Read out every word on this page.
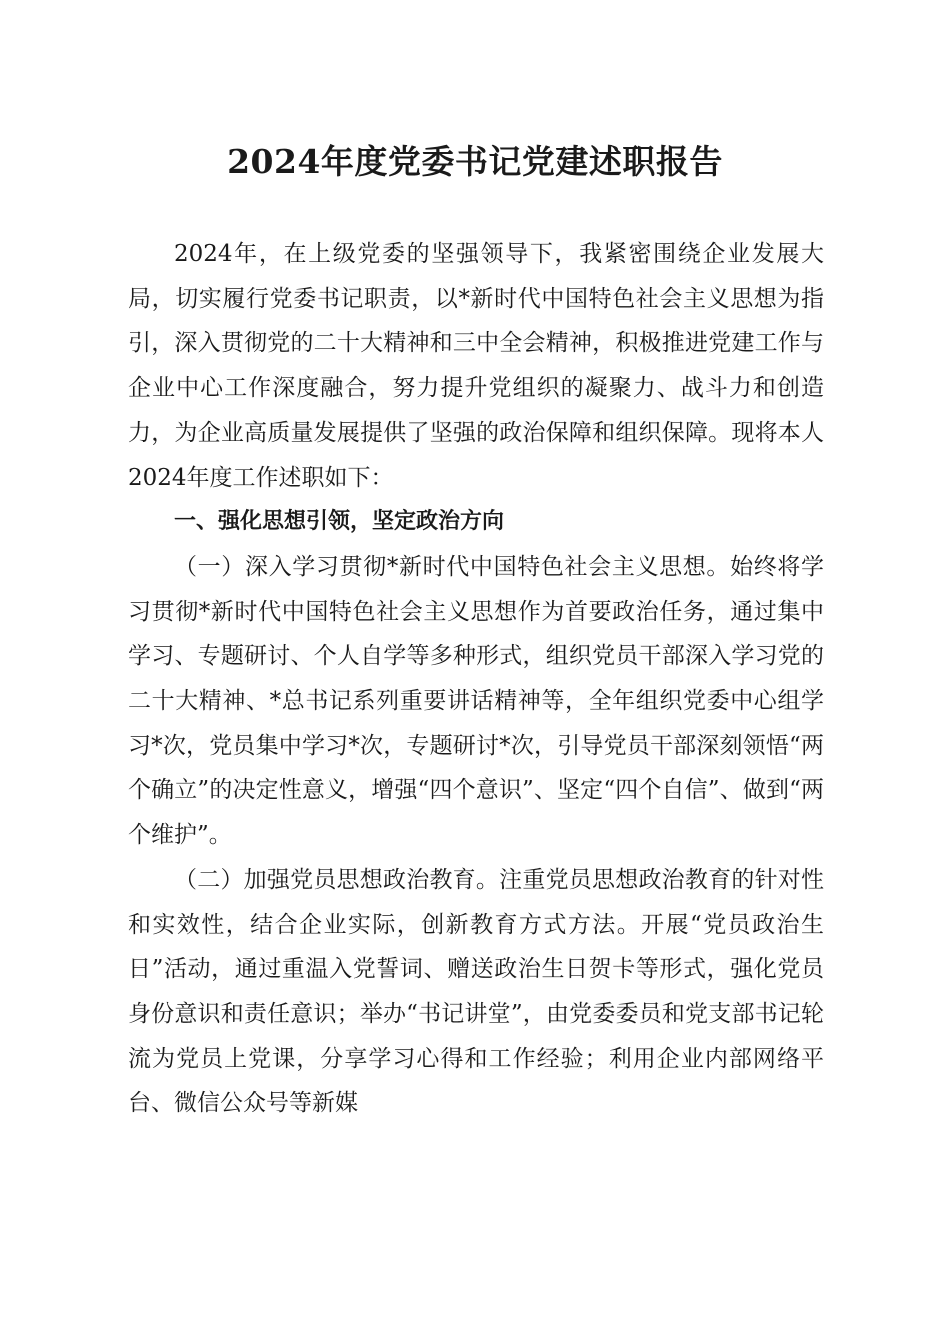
2024年度党委书记党建述职报告

2024年，在上级党委的坚强领导下，我紧密围绕企业发展大局，切实履行党委书记职责，以*新时代中国特色社会主义思想为指引，深入贯彻党的二十大精神和三中全会精神，积极推进党建工作与企业中心工作深度融合，努力提升党组织的凝聚力、战斗力和创造力，为企业高质量发展提供了坚强的政治保障和组织保障。现将本人2024年度工作述职如下：

一、强化思想引领，坚定政治方向

（一）深入学习贯彻*新时代中国特色社会主义思想。始终将学习贯彻*新时代中国特色社会主义思想作为首要政治任务，通过集中学习、专题研讨、个人自学等多种形式，组织党员干部深入学习党的二十大精神、*总书记系列重要讲话精神等，全年组织党委中心组学习*次，党员集中学习*次，专题研讨*次，引导党员干部深刻领悟“两个确立”的决定性意义，增强“四个意识”、坚定“四个自信”、做到“两个维护”。

（二）加强党员思想政治教育。注重党员思想政治教育的针对性和实效性，结合企业实际，创新教育方式方法。开展“党员政治生日”活动，通过重温入党誓词、赠送政治生日贺卡等形式，强化党员身份意识和责任意识；举办“书记讲堂”，由党委委员和党支部书记轮流为党员上党课，分享学习心得和工作经验；利用企业内部网络平台、微信公众号等新媒
